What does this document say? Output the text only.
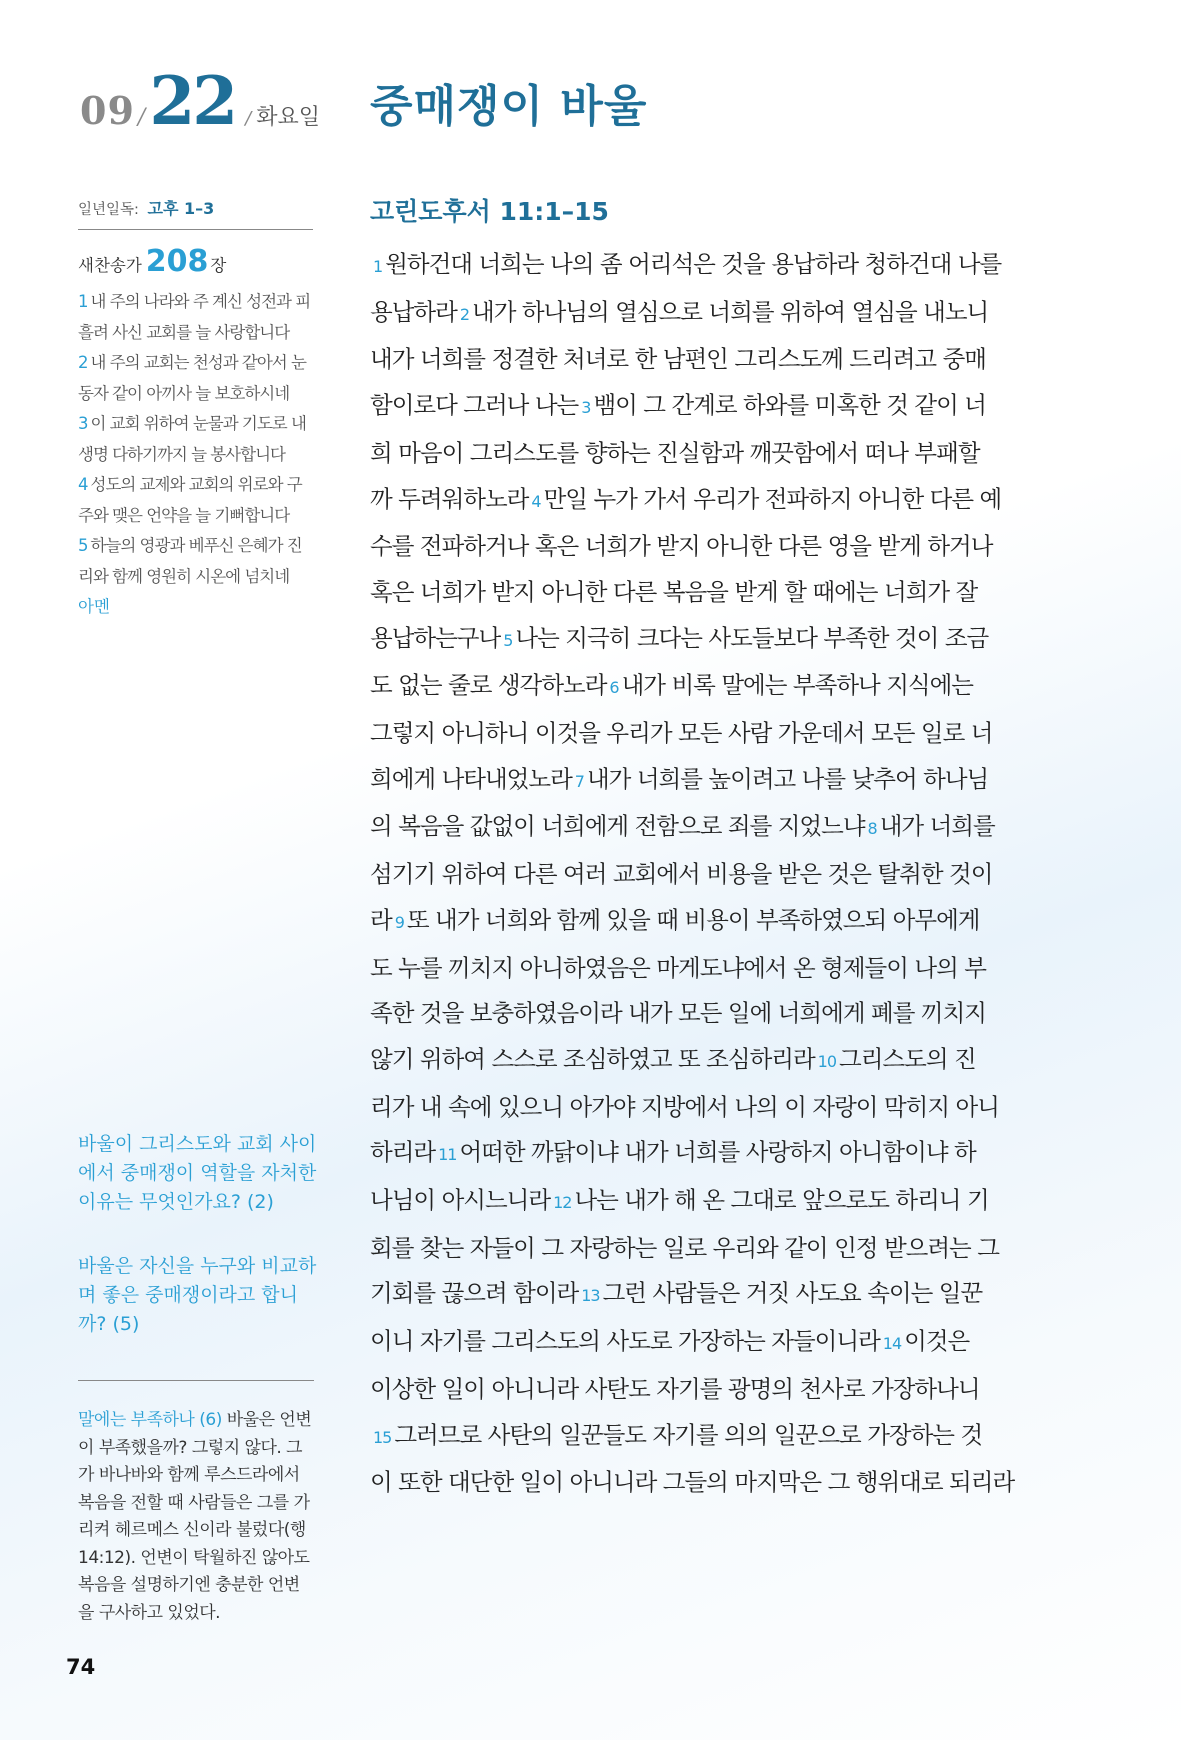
09 / 22 / 화요일 중매쟁이 바울
일년일독: 고후 1–3
새찬송가 208 장
1 내 주의 나라와 주 계신 성전과 피
흘려 사신 교회를 늘 사랑합니다
2 내 주의 교회는 천성과 같아서 눈
동자 같이 아끼사 늘 보호하시네
3 이 교회 위하여 눈물과 기도로 내
생명 다하기까지 늘 봉사합니다
4 성도의 교제와 교회의 위로와 구
주와 맺은 언약을 늘 기뻐합니다
5 하늘의 영광과 베푸신 은혜가 진
리와 함께 영원히 시온에 넘치네
아멘
바울이 그리스도와 교회 사이에서 중매쟁이 역할을 자처한 이유는 무엇인가요? (2)
바울은 자신을 누구와 비교하며 좋은 중매쟁이라고 합니까? (5)
말에는 부족하나 (6) 바울은 언변이 부족했을까? 그렇지 않다. 그가 바나바와 함께 루스드라에서 복음을 전할 때 사람들은 그를 가리켜 헤르메스 신이라 불렀다(행 14:12). 언변이 탁월하진 않아도 복음을 설명하기엔 충분한 언변을 구사하고 있었다.
74
고린도후서 11:1–15
1 원하건대 너희는 나의 좀 어리석은 것을 용납하라 청하건대 나를
용납하라 2 내가 하나님의 열심으로 너희를 위하여 열심을 내노니
내가 너희를 정결한 처녀로 한 남편인 그리스도께 드리려고 중매
함이로다 그러나 나는 3 뱀이 그 간계로 하와를 미혹한 것 같이 너
희 마음이 그리스도를 향하는 진실함과 깨끗함에서 떠나 부패할
까 두려워하노라 4 만일 누가 가서 우리가 전파하지 아니한 다른 예
수를 전파하거나 혹은 너희가 받지 아니한 다른 영을 받게 하거나
혹은 너희가 받지 아니한 다른 복음을 받게 할 때에는 너희가 잘
용납하는구나 5 나는 지극히 크다는 사도들보다 부족한 것이 조금
도 없는 줄로 생각하노라 6 내가 비록 말에는 부족하나 지식에는
그렇지 아니하니 이것을 우리가 모든 사람 가운데서 모든 일로 너
희에게 나타내었노라 7 내가 너희를 높이려고 나를 낮추어 하나님
의 복음을 값없이 너희에게 전함으로 죄를 지었느냐 8 내가 너희를
섬기기 위하여 다른 여러 교회에서 비용을 받은 것은 탈취한 것이
라 9 또 내가 너희와 함께 있을 때 비용이 부족하였으되 아무에게
도 누를 끼치지 아니하였음은 마게도냐에서 온 형제들이 나의 부
족한 것을 보충하였음이라 내가 모든 일에 너희에게 폐를 끼치지
않기 위하여 스스로 조심하였고 또 조심하리라 10 그리스도의 진
리가 내 속에 있으니 아가야 지방에서 나의 이 자랑이 막히지 아니
하리라 11 어떠한 까닭이냐 내가 너희를 사랑하지 아니함이냐 하
나님이 아시느니라 12 나는 내가 해 온 그대로 앞으로도 하리니 기
회를 찾는 자들이 그 자랑하는 일로 우리와 같이 인정 받으려는 그
기회를 끊으려 함이라 13 그런 사람들은 거짓 사도요 속이는 일꾼
이니 자기를 그리스도의 사도로 가장하는 자들이니라 14 이것은
이상한 일이 아니니라 사탄도 자기를 광명의 천사로 가장하나니
15 그러므로 사탄의 일꾼들도 자기를 의의 일꾼으로 가장하는 것
이 또한 대단한 일이 아니니라 그들의 마지막은 그 행위대로 되리라
